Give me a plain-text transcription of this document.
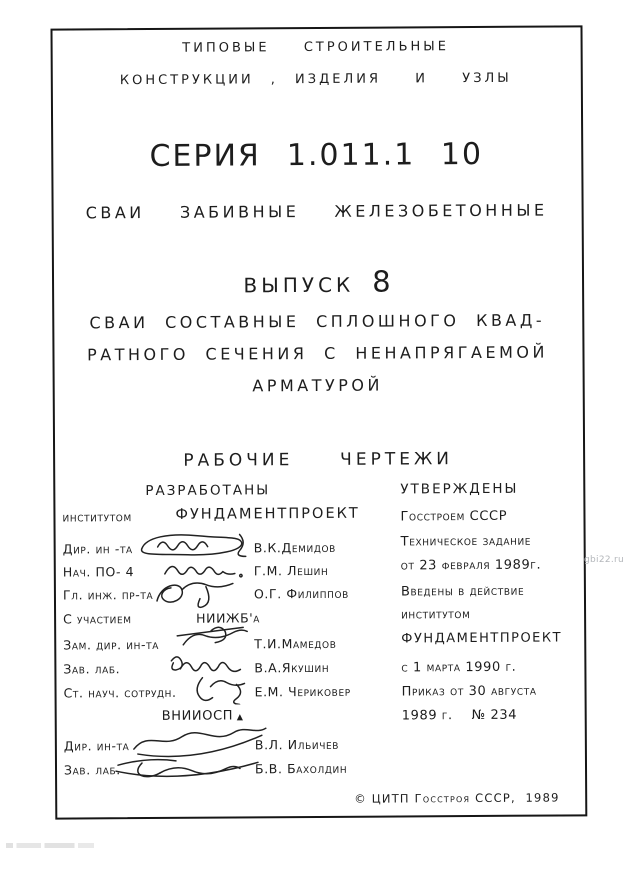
ТИПОВЫЕ  СТРОИТЕЛЬНЫЕ
КОНСТРУКЦИИ , ИЗДЕЛИЯ  И  УЗЛЫ
СЕРИЯ 1.011.1 10
СВАИ  ЗАБИВНЫЕ  ЖЕЛЕЗОБЕТОННЫЕ
ВЫПУСК 8
СВАИ СОСТАВНЫЕ СПЛОШНОГО КВАД-
РАТНОГО СЕЧЕНИЯ С НЕНАПРЯГАЕМОЙ
АРМАТУРОЙ
РАБОЧИЕ  ЧЕРТЕЖИ
РАЗРАБОТАНЫ	УТВЕРЖДЕНЫ
институтом	ФУНДАМЕНТПРОЕКТ
Дир. ин -та	В.К.Демидов
Нач. ПО- 4	Г.М. Лешин
Гл. инж. пр-та	О.Г. Филиппов
С участием	НИИЖБ'а
Зам. дир. ин-та	Т.И.Мамедов
Зав. лаб.	В.А.Якушин
Ст. науч. сотрудн.	Е.М. Чериковер
ВНИИОСП ▴
Дир. ин-та	В.Л. Ильичев
Зав. лаб.	Б.В. Бахолдин
Госстроем СССР
Техническое задание
от 23 февраля 1989г.
Введены в действие
институтом
ФУНДАМЕНТПРОЕКТ
с 1 марта 1990 г.
Приказ от 30 августа
1989 г.    № 234
© ЦИТП Госстроя СССР,  1989
gbi22.ru
